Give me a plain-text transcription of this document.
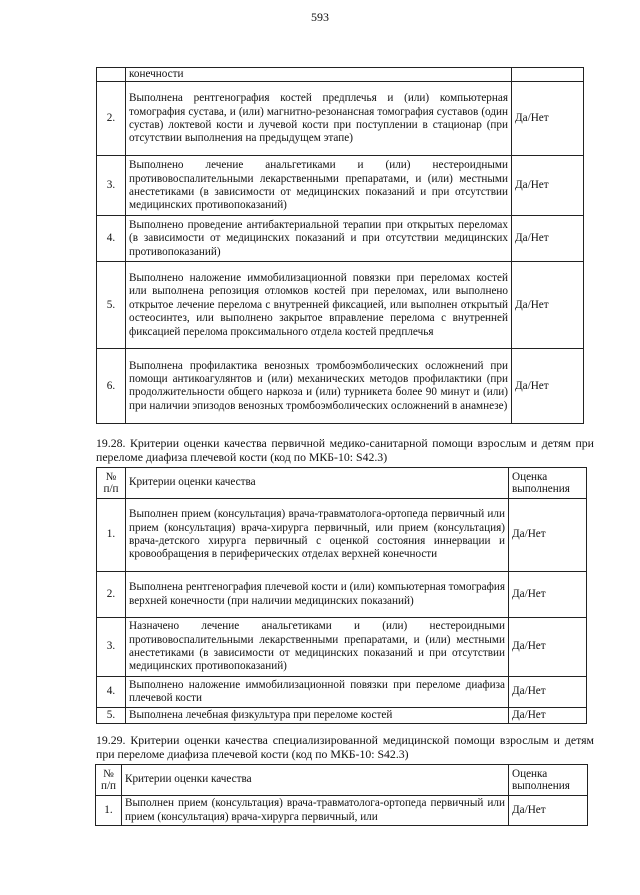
593
	конечности	
2.	Выполнена рентгенография костей предплечья и (или) компьютерная томография сустава, и (или) магнитно-резонансная томография суставов (один сустав) локтевой кости и лучевой кости при поступлении в стационар (при отсутствии выполнения на предыдущем этапе)	Да/Нет
3.	Выполнено лечение анальгетиками и (или) нестероидными противовоспалительными лекарственными препаратами, и (или) местными анестетиками (в зависимости от медицинских показаний и при отсутствии медицинских противопоказаний)	Да/Нет
4.	Выполнено проведение антибактериальной терапии при открытых переломах (в зависимости от медицинских показаний и при отсутствии медицинских противопоказаний)	Да/Нет
5.	Выполнено наложение иммобилизационной повязки при переломах костей или выполнена репозиция отломков костей при переломах, или выполнено открытое лечение перелома с внутренней фиксацией, или выполнен открытый остеосинтез, или выполнено закрытое вправление перелома с внутренней фиксацией перелома проксимального отдела костей предплечья	Да/Нет
6.	Выполнена профилактика венозных тромбоэмболических осложнений при помощи антикоагулянтов и (или) механических методов профилактики (при продолжительности общего наркоза и (или) турникета более 90 минут и (или) при наличии эпизодов венозных тромбоэмболических осложнений в анамнезе)	Да/Нет
19.28. Критерии оценки качества первичной медико-санитарной помощи взрослым и детям при переломе диафиза плечевой кости (код по МКБ-10: S42.3)
№ п/п	Критерии оценки качества	Оценка выполнения
1.	Выполнен прием (консультация) врача-травматолога-ортопеда первичный или прием (консультация) врача-хирурга первичный, или прием (консультация) врача-детского хирурга первичный с оценкой состояния иннервации и кровообращения в периферических отделах верхней конечности	Да/Нет
2.	Выполнена рентгенография плечевой кости и (или) компьютерная томография верхней конечности (при наличии медицинских показаний)	Да/Нет
3.	Назначено лечение анальгетиками и (или) нестероидными противовоспалительными лекарственными препаратами, и (или) местными анестетиками (в зависимости от медицинских показаний и при отсутствии медицинских противопоказаний)	Да/Нет
4.	Выполнено наложение иммобилизационной повязки при переломе диафиза плечевой кости	Да/Нет
5.	Выполнена лечебная физкультура при переломе костей	Да/Нет
19.29. Критерии оценки качества специализированной медицинской помощи взрослым и детям при переломе диафиза плечевой кости (код по МКБ-10: S42.3)
№ п/п	Критерии оценки качества	Оценка выполнения
1.	Выполнен прием (консультация) врача-травматолога-ортопеда первичный или прием (консультация) врача-хирурга первичный, или	Да/Нет
